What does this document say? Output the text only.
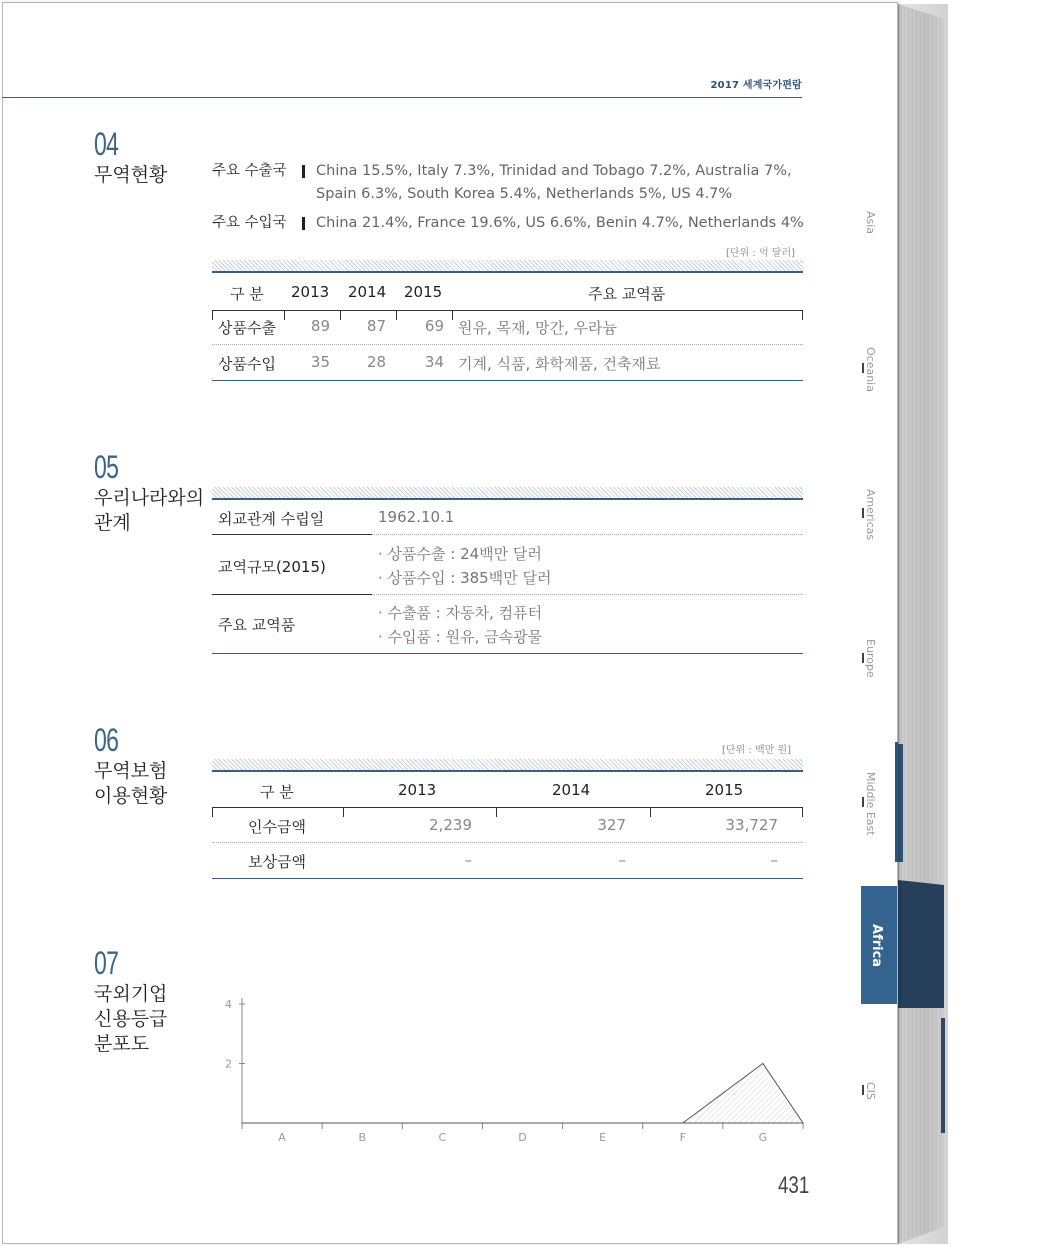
2017 세계국가편람
04
무역현황	주요 수출국	China 15.5%, Italy 7.3%, Trinidad and Tobago 7.2%, Australia 7%,
Spain 6.3%, South Korea 5.4%, Netherlands 5%, US 4.7%
주요 수입국	China 21.4%, France 19.6%, US 6.6%, Benin 4.7%, Netherlands 4%
[단위 : 억 달러]
구 분 2013 2014 2015	주요 교역품
상품수출	89	87	69 원유, 목재, 망간, 우라늄
상품수입	35	28	34 기계, 식품, 화학제품, 건축재료
05
우리나라와의
관계	외교관계 수립일	1962.10.1
교역규모(2015)
· 상품수출 : 24백만 달러
· 상품수입 : 385백만 달러
주요 교역품
· 수출품 : 자동차, 컴퓨터
· 수입품 : 원유, 금속광물
06
무역보험
이용현황
[단위 : 백만 원]
구 분	2013	2014	2015
인수금액	2,239	327	33,727
보상금액	–	–	–
07
국외기업
신용등급
분포도
2
4
A	B	C	D	E	F	G
Asia
Oceania
Americas
Europe
Middle East
Africa
CIS
431
